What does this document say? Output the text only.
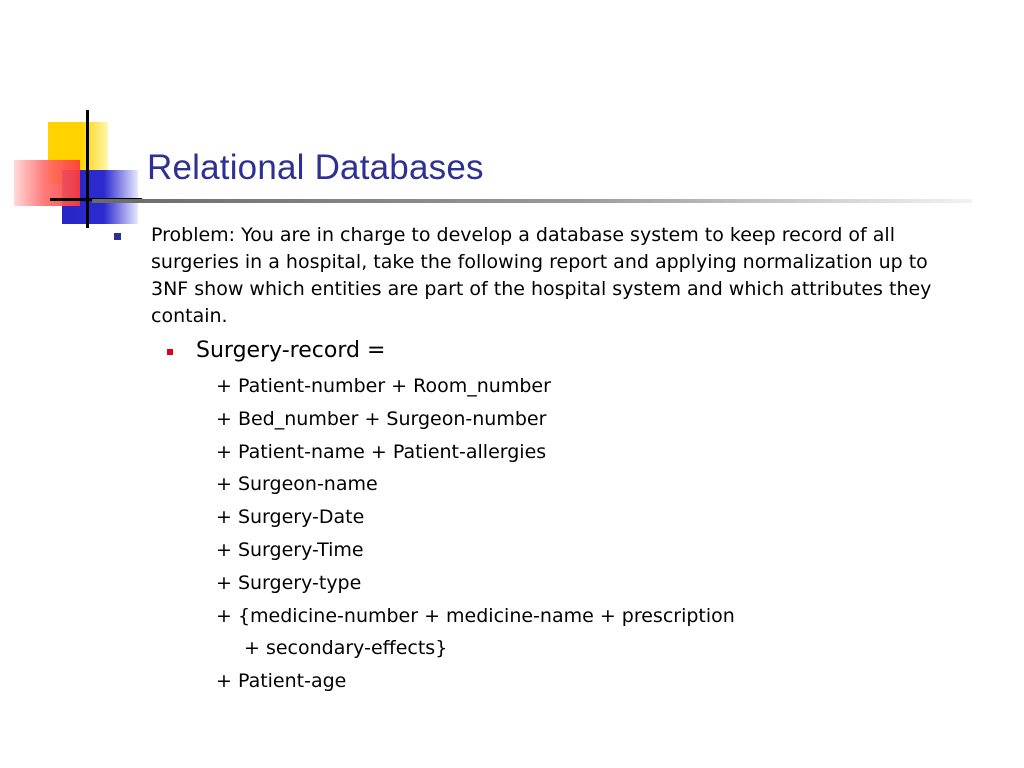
Relational Databases
Problem: You are in charge to develop a database system to keep record of all surgeries in a hospital, take the following report and applying normalization up to 3NF show which entities are part of the hospital system and which attributes they contain.
Surgery-record =
+ Patient-number + Room_number
+ Bed_number + Surgeon-number
+ Patient-name + Patient-allergies
+ Surgeon-name
+ Surgery-Date
+ Surgery-Time
+ Surgery-type
+ {medicine-number + medicine-name + prescription
+ secondary-effects}
+ Patient-age
